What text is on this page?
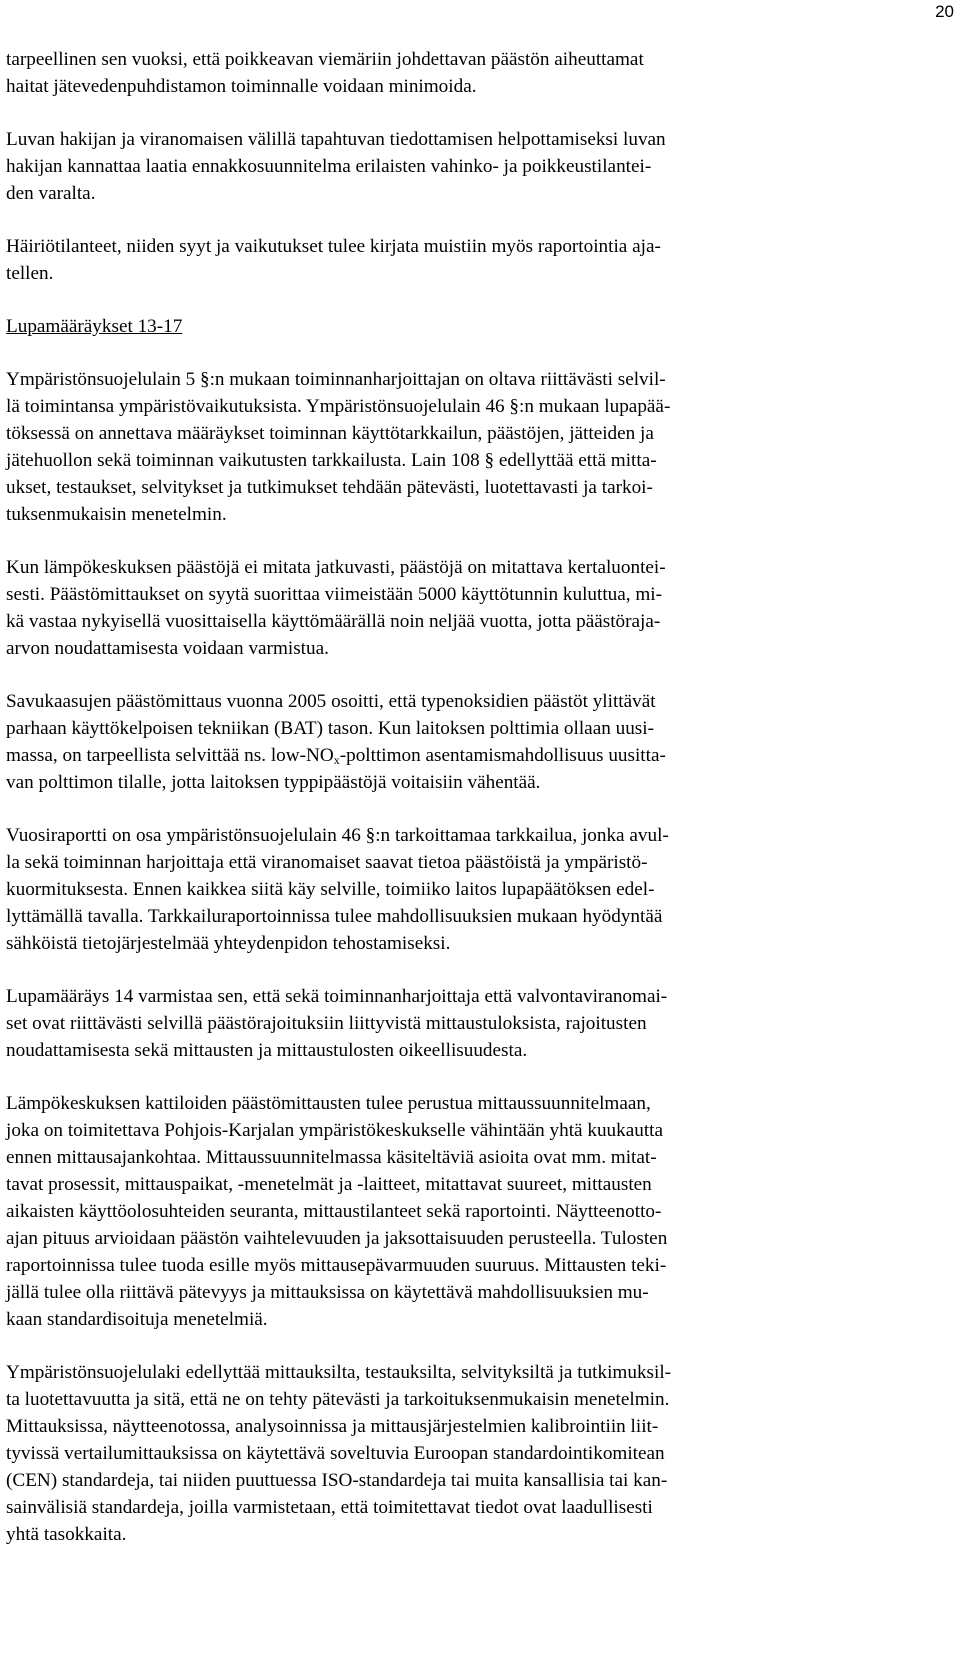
20
tarpeellinen sen vuoksi, että poikkeavan viemäriin johdettavan päästön aiheuttamat
haitat jätevedenpuhdistamon toiminnalle voidaan minimoida.
Luvan hakijan ja viranomaisen välillä tapahtuvan tiedottamisen helpottamiseksi luvan
hakijan kannattaa laatia ennakkosuunnitelma erilaisten vahinko- ja poikkeustilantei-
den varalta.
Häiriötilanteet, niiden syyt ja vaikutukset tulee kirjata muistiin myös raportointia aja-
tellen.
Lupamääräykset 13-17
Ympäristönsuojelulain 5 §:n mukaan toiminnanharjoittajan on oltava riittävästi selvil-
lä toimintansa ympäristövaikutuksista. Ympäristönsuojelulain 46 §:n mukaan lupapää-
töksessä on annettava määräykset toiminnan käyttötarkkailun, päästöjen, jätteiden ja
jätehuollon sekä toiminnan vaikutusten tarkkailusta. Lain 108 § edellyttää että mitta-
ukset, testaukset, selvitykset ja tutkimukset tehdään pätevästi, luotettavasti ja tarkoi-
tuksenmukaisin menetelmin.
Kun lämpökeskuksen päästöjä ei mitata jatkuvasti, päästöjä on mitattava kertaluontei-
sesti. Päästömittaukset on syytä suorittaa viimeistään 5000 käyttötunnin kuluttua, mi-
kä vastaa nykyisellä vuosittaisella käyttömäärällä noin neljää vuotta, jotta päästöraja-
arvon noudattamisesta voidaan varmistua.
Savukaasujen päästömittaus vuonna 2005 osoitti, että typenoksidien päästöt ylittävät
parhaan käyttökelpoisen tekniikan (BAT) tason. Kun laitoksen polttimia ollaan uusi-
massa, on tarpeellista selvittää ns. low-$NO_x$-polttimon asentamismahdollisuus uusitta-
van polttimon tilalle, jotta laitoksen typpipäästöjä voitaisiin vähentää.
Vuosiraportti on osa ympäristönsuojelulain 46 §:n tarkoittamaa tarkkailua, jonka avul-
la sekä toiminnan harjoittaja että viranomaiset saavat tietoa päästöistä ja ympäristö-
kuormituksesta. Ennen kaikkea siitä käy selville, toimiiko laitos lupapäätöksen edel-
lyttämällä tavalla. Tarkkailuraportoinnissa tulee mahdollisuuksien mukaan hyödyntää
sähköistä tietojärjestelmää yhteydenpidon tehostamiseksi.
Lupamääräys 14 varmistaa sen, että sekä toiminnanharjoittaja että valvontaviranomai-
set ovat riittävästi selvillä päästörajoituksiin liittyvistä mittaustuloksista, rajoitusten
noudattamisesta sekä mittausten ja mittaustulosten oikeellisuudesta.
Lämpökeskuksen kattiloiden päästömittausten tulee perustua mittaussuunnitelmaan,
joka on toimitettava Pohjois-Karjalan ympäristökeskukselle vähintään yhtä kuukautta
ennen mittausajankohtaa. Mittaussuunnitelmassa käsiteltäviä asioita ovat mm. mitat-
tavat prosessit, mittauspaikat, -menetelmät ja -laitteet, mitattavat suureet, mittausten
aikaisten käyttöolosuhteiden seuranta, mittaustilanteet sekä raportointi. Näytteenotto-
ajan pituus arvioidaan päästön vaihtelevuuden ja jaksottaisuuden perusteella. Tulosten
raportoinnissa tulee tuoda esille myös mittausepävarmuuden suuruus. Mittausten teki-
jällä tulee olla riittävä pätevyys ja mittauksissa on käytettävä mahdollisuuksien mu-
kaan standardisoituja menetelmiä.
Ympäristönsuojelulaki edellyttää mittauksilta, testauksilta, selvityksiltä ja tutkimuksil-
ta luotettavuutta ja sitä, että ne on tehty pätevästi ja tarkoituksenmukaisin menetelmin.
Mittauksissa, näytteenotossa, analysoinnissa ja mittausjärjestelmien kalibrointiin liit-
tyvissä vertailumittauksissa on käytettävä soveltuvia Euroopan standardointikomitean
(CEN) standardeja, tai niiden puuttuessa ISO-standardeja tai muita kansallisia tai kan-
sainvälisiä standardeja, joilla varmistetaan, että toimitettavat tiedot ovat laadullisesti
yhtä tasokkaita.
